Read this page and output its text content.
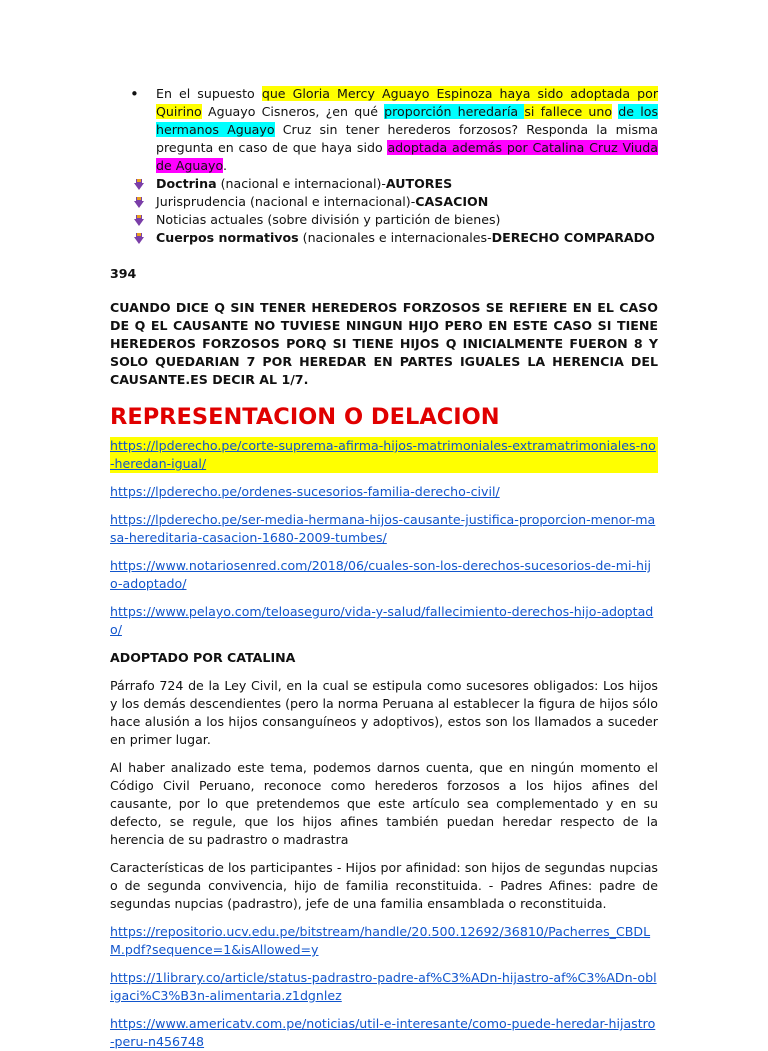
• En el supuesto que Gloria Mercy Aguayo Espinoza haya sido adoptada por Quirino Aguayo Cisneros, ¿en qué proporción heredaría si fallece uno de los hermanos Aguayo Cruz sin tener herederos forzosos? Responda la misma pregunta en caso de que haya sido adoptada además por Catalina Cruz Viuda de Aguayo.

Doctrina (nacional e internacional)-AUTORES
Jurisprudencia (nacional e internacional)-CASACION
Noticias actuales (sobre división y partición de bienes)
Cuerpos normativos (nacionales e internacionales-DERECHO COMPARADO

394

CUANDO DICE Q SIN TENER HEREDEROS FORZOSOS SE REFIERE EN EL CASO DE Q EL CAUSANTE NO TUVIESE NINGUN HIJO PERO EN ESTE CASO SI TIENE HEREDEROS FORZOSOS PORQ SI TIENE HIJOS Q INICIALMENTE FUERON 8 Y SOLO QUEDARIAN 7 POR HEREDAR EN PARTES IGUALES LA HERENCIA DEL CAUSANTE.ES DECIR AL 1/7.

REPRESENTACION O DELACION
https://lpderecho.pe/corte-suprema-afirma-hijos-matrimoniales-extramatrimoniales-no-heredan-igual/
https://lpderecho.pe/ordenes-sucesorios-familia-derecho-civil/
https://lpderecho.pe/ser-media-hermana-hijos-causante-justifica-proporcion-menor-masa-hereditaria-casacion-1680-2009-tumbes/
https://www.notariosenred.com/2018/06/cuales-son-los-derechos-sucesorios-de-mi-hijo-adoptado/
https://www.pelayo.com/teloaseguro/vida-y-salud/fallecimiento-derechos-hijo-adoptado/

ADOPTADO POR CATALINA

Párrafo 724 de la Ley Civil, en la cual se estipula como sucesores obligados: Los hijos y los demás descendientes (pero la norma Peruana al establecer la figura de hijos sólo hace alusión a los hijos consanguíneos y adoptivos), estos son los llamados a suceder en primer lugar.

Al haber analizado este tema, podemos darnos cuenta, que en ningún momento el Código Civil Peruano, reconoce como herederos forzosos a los hijos afines del causante, por lo que pretendemos que este artículo sea complementado y en su defecto, se regule, que los hijos afines también puedan heredar respecto de la herencia de su padrastro o madrastra

Características de los participantes - Hijos por afinidad: son hijos de segundas nupcias o de segunda convivencia, hijo de familia reconstituida. - Padres Afines: padre de segundas nupcias (padrastro), jefe de una familia ensamblada o reconstituida.

https://repositorio.ucv.edu.pe/bitstream/handle/20.500.12692/36810/Pacherres_CBDLM.pdf?sequence=1&isAllowed=y
https://1library.co/article/status-padrastro-padre-af%C3%ADn-hijastro-af%C3%ADn-obligaci%C3%B3n-alimentaria.z1dgnlez
https://www.americatv.com.pe/noticias/util-e-interesante/como-puede-heredar-hijastro-peru-n456748
